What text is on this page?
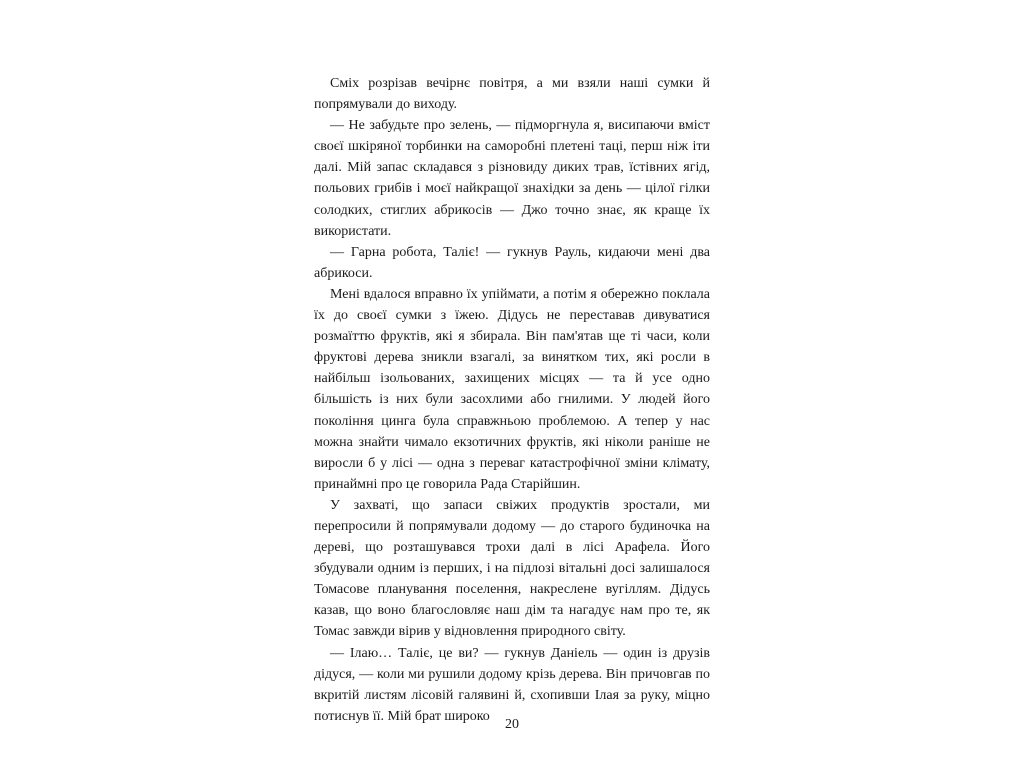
Сміх розрізав вечірнє повітря, а ми взяли наші сумки й попрямували до виходу.

— Не забудьте про зелень, — підморгнула я, висипаючи вміст своєї шкіряної торбинки на саморобні плетені таці, перш ніж іти далі. Мій запас складався з різновиду диких трав, їстівних ягід, польових грибів і моєї найкращої знахідки за день — цілої гілки солодких, стиглих абрикосів — Джо точно знає, як краще їх використати.

— Гарна робота, Таліє! — гукнув Рауль, кидаючи мені два абрикоси.

Мені вдалося вправно їх упіймати, а потім я обережно поклала їх до своєї сумки з їжею. Дідусь не переставав дивуватися розмаїттю фруктів, які я збирала. Він пам'ятав ще ті часи, коли фруктові дерева зникли взагалі, за винятком тих, які росли в найбільш ізольованих, захищених місцях — та й усе одно більшість із них були засохлими або гнилими. У людей його покоління цинга була справжньою проблемою. А тепер у нас можна знайти чимало екзотичних фруктів, які ніколи раніше не виросли б у лісі — одна з переваг катастрофічної зміни клімату, принаймні про це говорила Рада Старійшин.

У захваті, що запаси свіжих продуктів зростали, ми перепросили й попрямували додому — до старого будиночка на дереві, що розташувався трохи далі в лісі Арафела. Його збудували одним із перших, і на підлозі вітальні досі залишалося Томасове планування поселення, накреслене вугіллям. Дідусь казав, що воно благословляє наш дім та нагадує нам про те, як Томас завжди вірив у відновлення природного світу.

— Ілаю… Таліє, це ви? — гукнув Даніель — один із друзів дідуся, — коли ми рушили додому крізь дерева. Він причовгав по вкритій листям лісовій галявині й, схопивши Ілая за руку, міцно потиснув її. Мій брат широко

20
